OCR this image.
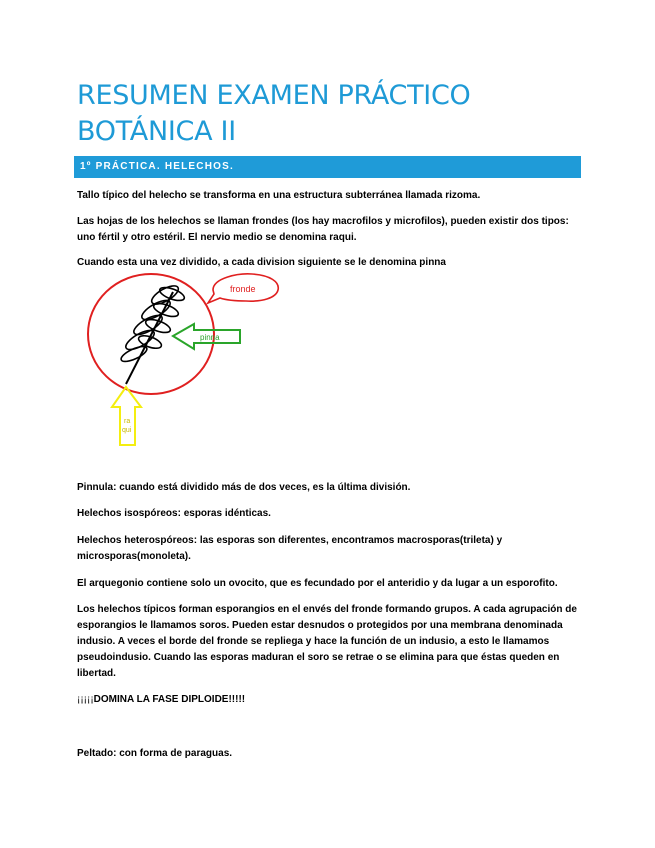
RESUMEN EXAMEN PRÁCTICO
BOTÁNICA II
1º PRÁCTICA. HELECHOS.

Tallo típico del helecho se transforma en una estructura subterránea llamada rizoma.

Las hojas de los helechos se llaman frondes (los hay macrofilos y microfilos), pueden existir dos tipos: uno fértil y otro estéril. El nervio medio se denomina raqui.

Cuando esta una vez dividido, a cada division siguiente se le denomina pinna

fronde
pinna
ra
qui

Pinnula: cuando está dividido más de dos veces, es la última división.

Helechos isospóreos: esporas idénticas.

Helechos heterospóreos: las esporas son diferentes, encontramos macrosporas(trileta) y microsporas(monoleta).

El arquegonio contiene solo un ovocito, que es fecundado por el anteridio y da lugar a un esporofito.

Los helechos típicos forman esporangios en el envés del fronde formando grupos. A cada agrupación de esporangios le llamamos soros. Pueden estar desnudos o protegidos por una membrana denominada indusio. A veces el borde del fronde se repliega y hace la función de un indusio, a esto le llamamos pseudoindusio. Cuando las esporas maduran el soro se retrae o se elimina para que éstas queden en libertad.

¡¡¡¡¡DOMINA LA FASE DIPLOIDE!!!!!

Peltado: con forma de paraguas.
